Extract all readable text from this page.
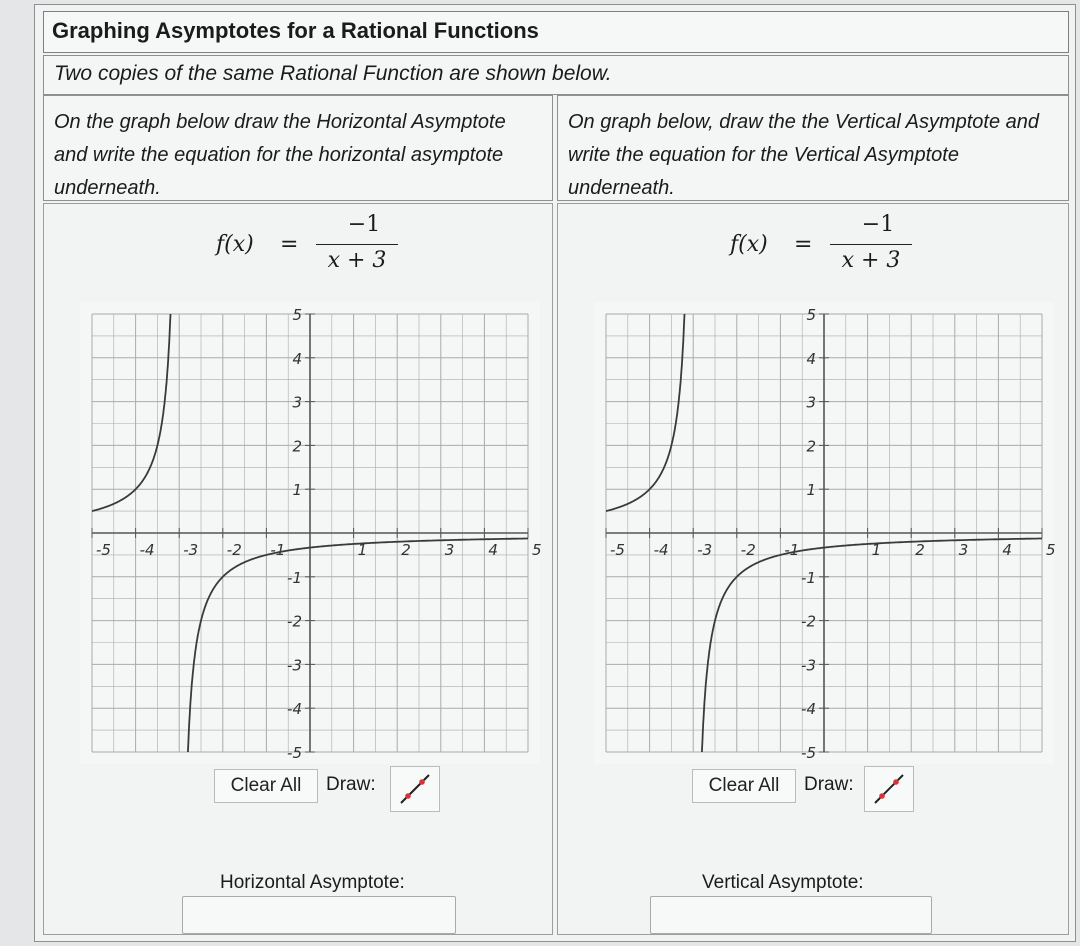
Graphing Asymptotes for a Rational Functions
Two copies of the same Rational Function are shown below.
On the graph below draw the Horizontal Asymptote and write the equation for the horizontal asymptote underneath.
On graph below, draw the the Vertical Asymptote and write the equation for the Vertical Asymptote underneath.
f(x) =
−1
x + 3
-5 -4 -3 -2 -1	1 2 3 4 5
5
4
3
2
1
-1
-2
-3
-4
-5
Clear All	Draw:
Horizontal Asymptote:
f(x) =
−1
x + 3
-5 -4 -3 -2 -1	1 2 3 4 5
5
4
3
2
1
-1
-2
-3
-4
-5
Clear All	Draw:
Vertical Asymptote:
